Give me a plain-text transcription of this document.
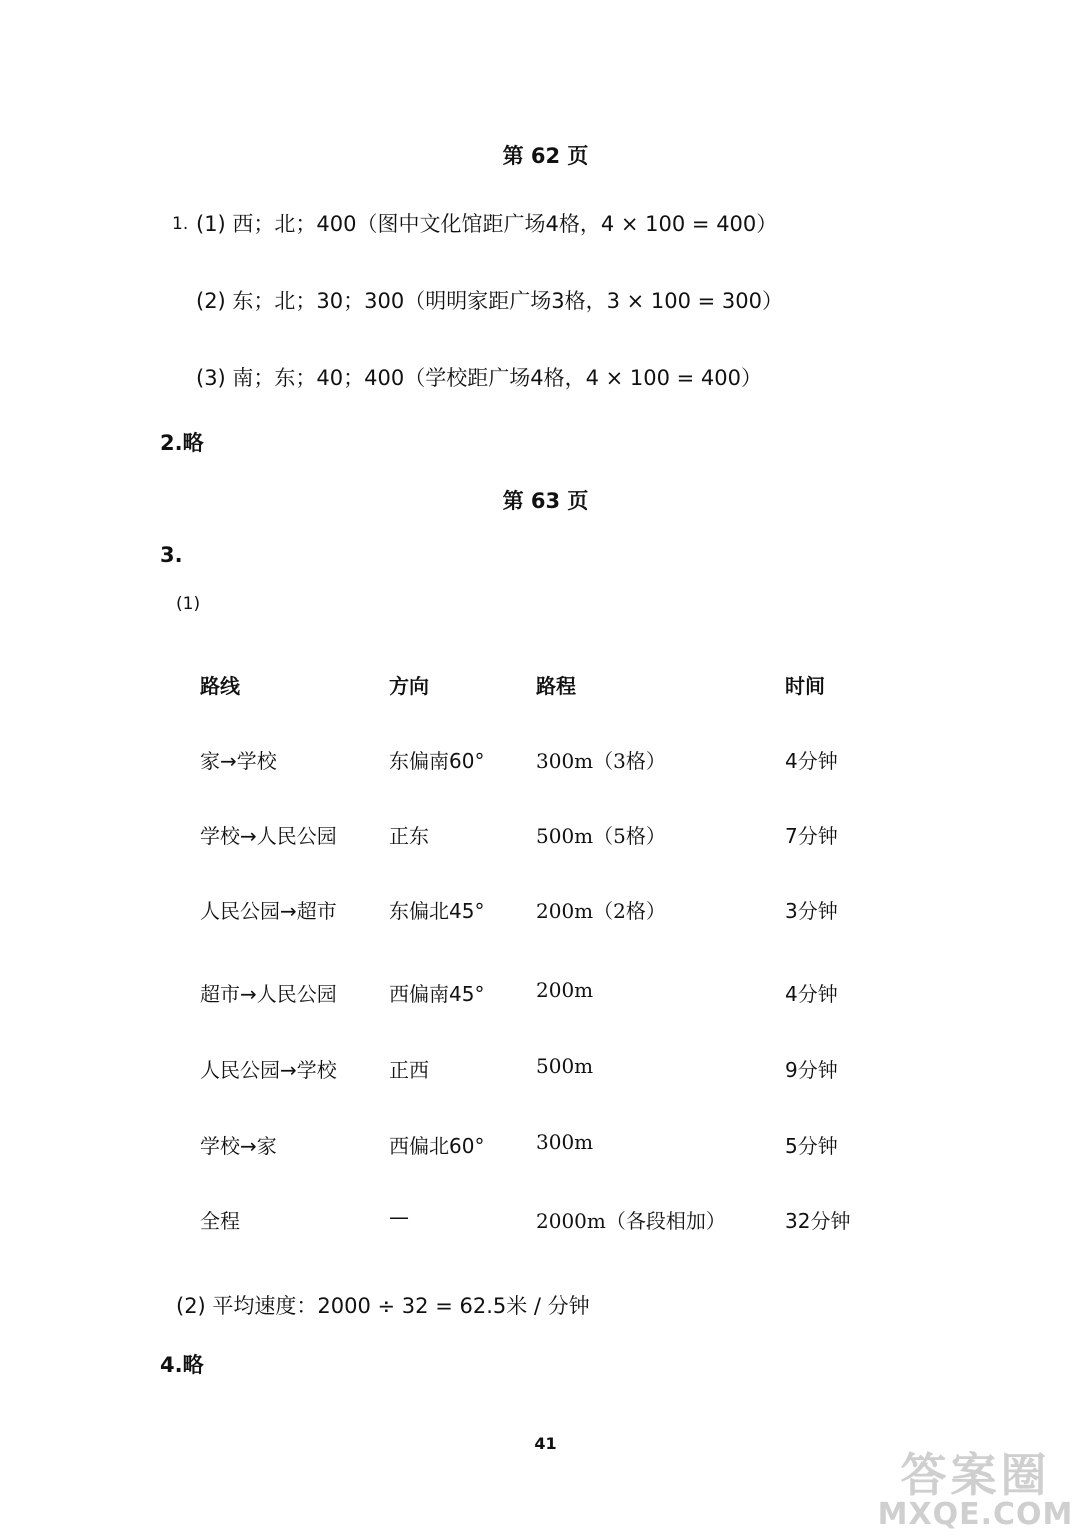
第 62 页
1. (1) 西；北；400（图中文化馆距广场4格，4 × 100 = 400）
(2) 东；北；30；300（明明家距广场3格，3 × 100 = 300）
(3) 南；东；40；400（学校距广场4格，4 × 100 = 400）
2.略
第 63 页
3.
(1)
路线	方向	路程	时间
家→学校	东偏南60°	300m（3格）	4分钟
学校→人民公园	正东	500m（5格）	7分钟
人民公园→超市	东偏北45°	200m（2格）	3分钟
超市→人民公园	西偏南45°	200m	4分钟
人民公园→学校	正西	500m	9分钟
学校→家	西偏北60°	300m	5分钟
全程	—	2000m（各段相加）	32分钟
(2) 平均速度：2000 ÷ 32 = 62.5米 / 分钟
4.略
41
答案圈
MXQE.COM
